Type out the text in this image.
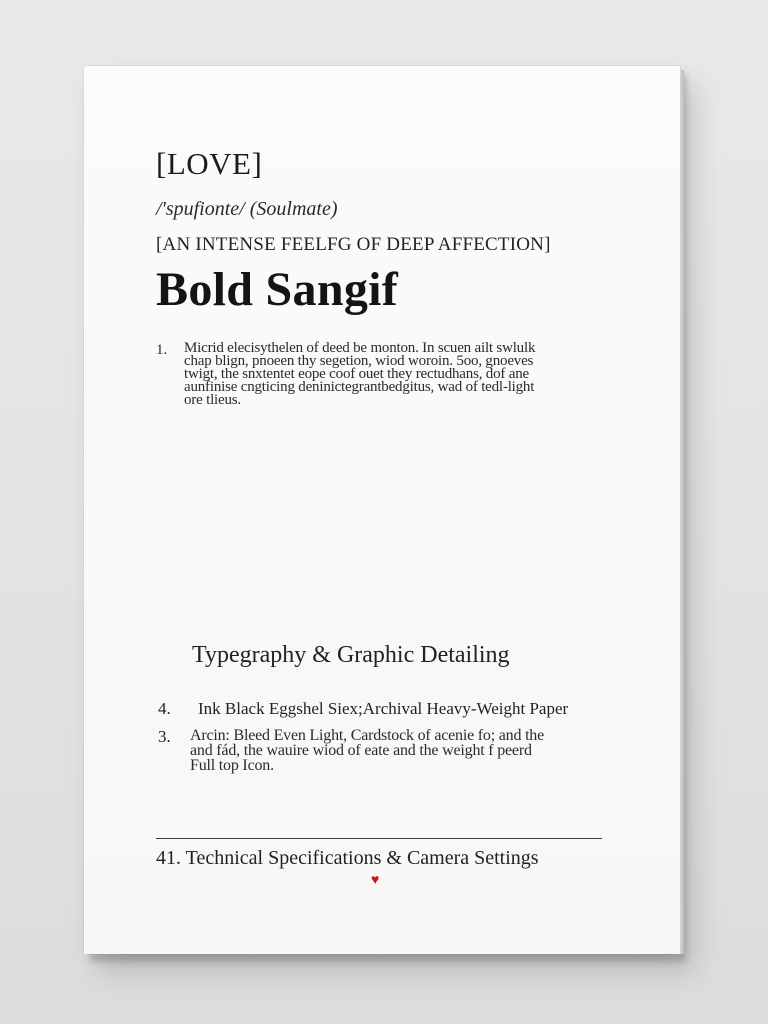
[LOVE]
/'spufionte/ (Soulmate)
[AN INTENSE FEELFG OF DEEP AFFECTION]
Bold Sangif
1. Micrid elecisythelen of deed be monton. In scuen ailt swlulk
chap blign, pnoeen thy segetion, wiod woroin. 5oo, gnoeves
twigt, the snxtentet eope coof ouet they rectudhans, dof ane
aunfinise cngticing deninictegrantbedgitus, wad of tedl-light
ore tlieus.
Typegraphy & Graphic Detailing
4. Ink Black Eggshel Siex;Archival Heavy-Weight Paper
3. Arcin: Bleed Even Light, Cardstock of acenie fo; and the
and fád, the wauire wiod of eate and the weight f peerd
Full top Icon.
41. Technical Specifications & Camera Settings
♥
